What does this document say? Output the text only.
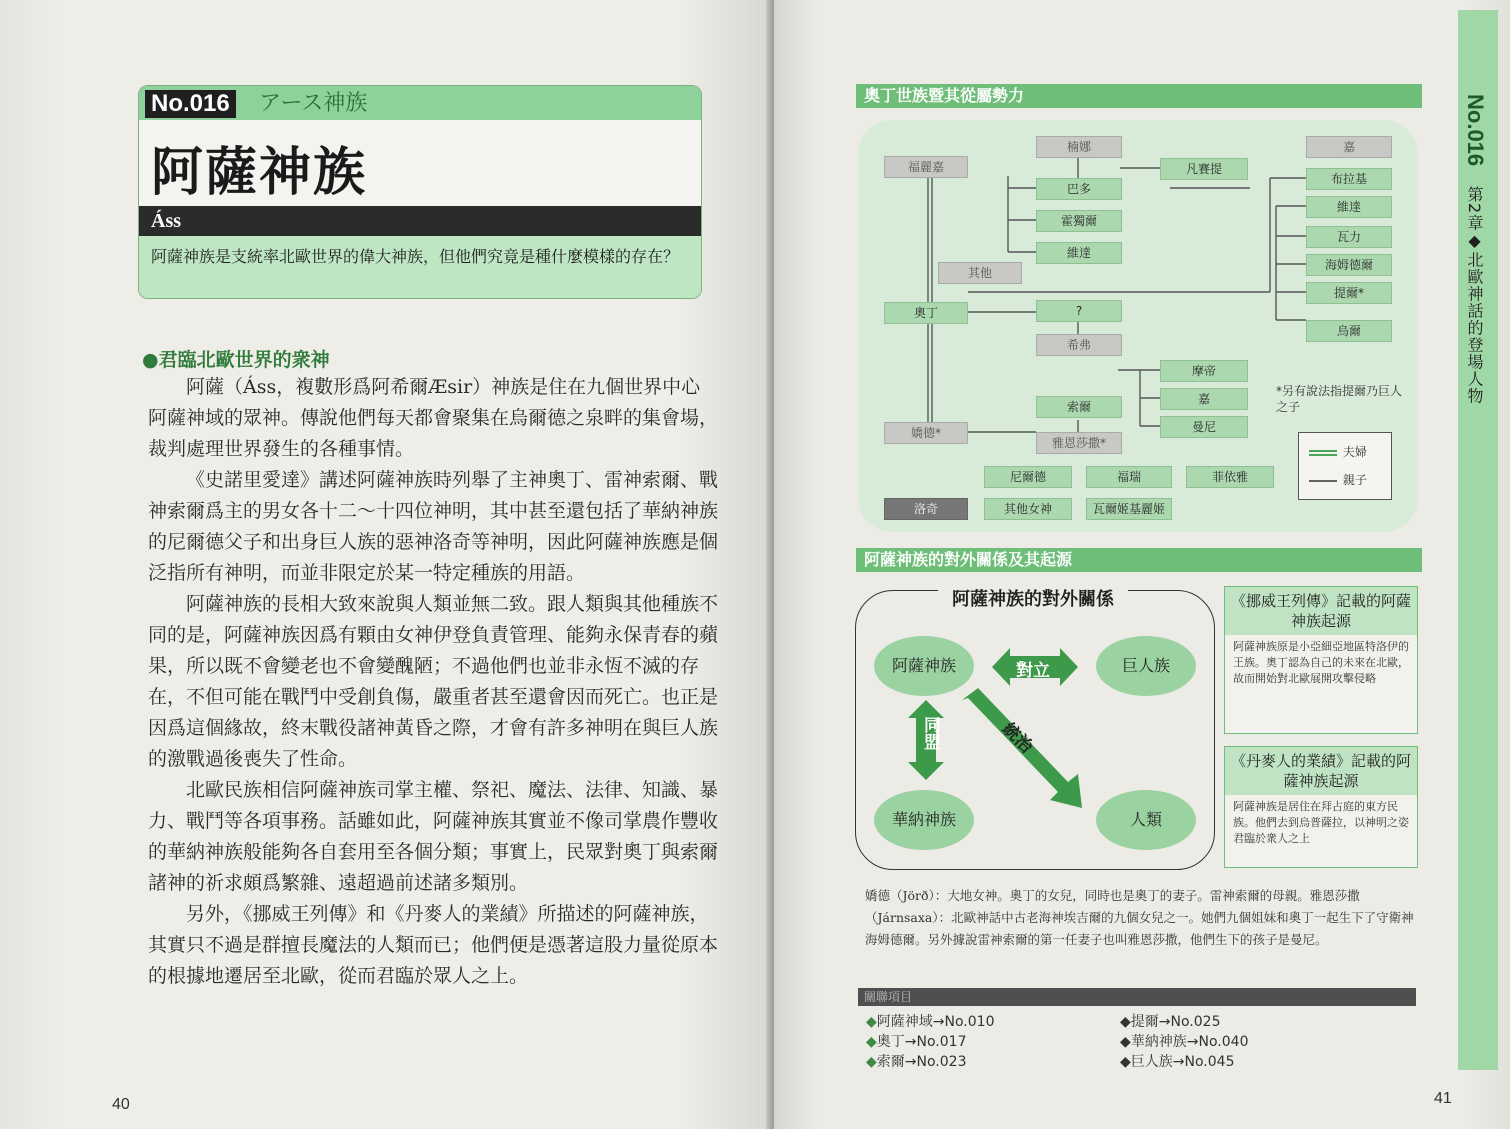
No.016 アース神族
阿薩神族
Áss
阿薩神族是支統率北歐世界的偉大神族，但他們究竟是種什麼模樣的存在？
●君臨北歐世界的衆神

阿薩（Áss，複數形爲阿希爾Æsir）神族是住在九個世界中心阿薩神域的眾神。傳說他們每天都會聚集在烏爾德之泉畔的集會場，裁判處理世界發生的各種事情。

《史諾里愛達》講述阿薩神族時列舉了主神奧丁、雷神索爾、戰神索爾爲主的男女各十二～十四位神明，其中甚至還包括了華納神族的尼爾德父子和出身巨人族的惡神洛奇等神明，因此阿薩神族應是個泛指所有神明，而並非限定於某一特定種族的用語。

阿薩神族的長相大致來說與人類並無二致。跟人類與其他種族不同的是，阿薩神族因爲有顆由女神伊登負責管理、能夠永保青春的蘋果，所以既不會變老也不會變醜陋；不過他們也並非永恆不滅的存在，不但可能在戰鬥中受創負傷，嚴重者甚至還會因而死亡。也正是因爲這個緣故，終末戰役諸神黃昏之際，才會有許多神明在與巨人族的激戰過後喪失了性命。

北歐民族相信阿薩神族司掌主權、祭祀、魔法、法律、知識、暴力、戰鬥等各項事務。話雖如此，阿薩神族其實並不像司掌農作豐收的華納神族般能夠各自套用至各個分類；事實上，民眾對奧丁與索爾諸神的祈求頗爲繁雜、遠超過前述諸多類別。

另外，《挪威王列傳》和《丹麥人的業績》所描述的阿薩神族，其實只不過是群擅長魔法的人類而已；他們便是憑著這股力量從原本的根據地遷居至北歐，從而君臨於眾人之上。

40
No.016
第2章◆北歐神話的登場人物
奧丁世族暨其從屬勢力
福麗嘉
其他
奧丁
嬌德*
洛奇
楠娜
巴多
霍獨爾
維達
凡賽提
?
希弗
索爾
雅恩莎撒*
摩帝
嘉
曼尼
尼爾德	福瑞	菲依雅
其他女神	瓦爾姬基麗姬
嘉
布拉基
維達
瓦力
海姆德爾
提爾*
烏爾
*另有說法指提爾乃巨人之子
夫婦
親子
阿薩神族的對外關係及其起源
阿薩神族的對外關係
阿薩神族	巨人族
華納神族	人類
對立
同盟	統治
《挪威王列傳》記載的阿薩神族起源
阿薩神族原是小亞細亞地區特洛伊的王族。奧丁認為自己的未來在北歐，故而開始對北歐展開攻擊侵略
《丹麥人的業績》記載的阿薩神族起源
阿薩神族是居住在拜占庭的東方民族。他們去到烏普薩拉，以神明之姿君臨於衆人之上
嬌德（Jörð）：大地女神。奧丁的女兒，同時也是奧丁的妻子。雷神索爾的母親。雅恩莎撒（Járnsaxa）：北歐神話中古老海神埃吉爾的九個女兒之一。她們九個姐妹和奧丁一起生下了守衛神海姆德爾。另外據說雷神索爾的第一任妻子也叫雅恩莎撒，他們生下的孩子是曼尼。
關聯項目
◆阿薩神域→No.010
◆奧丁→No.017
◆索爾→No.023
◆提爾→No.025
◆華納神族→No.040
◆巨人族→No.045
41
